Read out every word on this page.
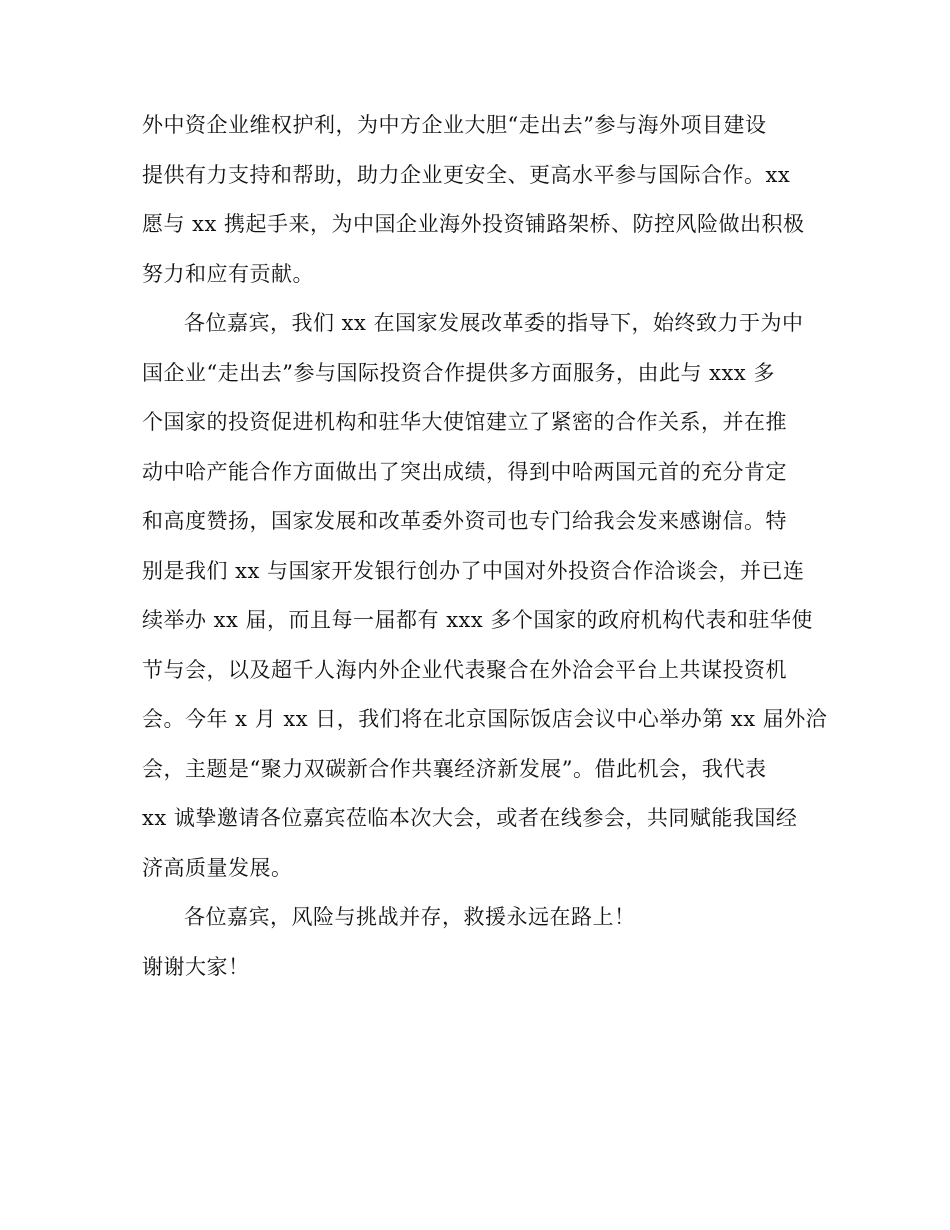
外中资企业维权护利，为中方企业大胆“走出去”参与海外项目建设
提供有力支持和帮助，助力企业更安全、更高水平参与国际合作。xx
愿与 xx 携起手来，为中国企业海外投资铺路架桥、防控风险做出积极
努力和应有贡献。
各位嘉宾，我们 xx 在国家发展改革委的指导下，始终致力于为中
国企业“走出去”参与国际投资合作提供多方面服务，由此与 xxx 多
个国家的投资促进机构和驻华大使馆建立了紧密的合作关系，并在推
动中哈产能合作方面做出了突出成绩，得到中哈两国元首的充分肯定
和高度赞扬，国家发展和改革委外资司也专门给我会发来感谢信。特
别是我们 xx 与国家开发银行创办了中国对外投资合作洽谈会，并已连
续举办 xx 届，而且每一届都有 xxx 多个国家的政府机构代表和驻华使
节与会，以及超千人海内外企业代表聚合在外洽会平台上共谋投资机
会。今年 x 月 xx 日，我们将在北京国际饭店会议中心举办第 xx 届外洽
会，主题是“聚力双碳新合作共襄经济新发展”。借此机会，我代表
xx 诚挚邀请各位嘉宾莅临本次大会，或者在线参会，共同赋能我国经
济高质量发展。
各位嘉宾，风险与挑战并存，救援永远在路上！
谢谢大家！
